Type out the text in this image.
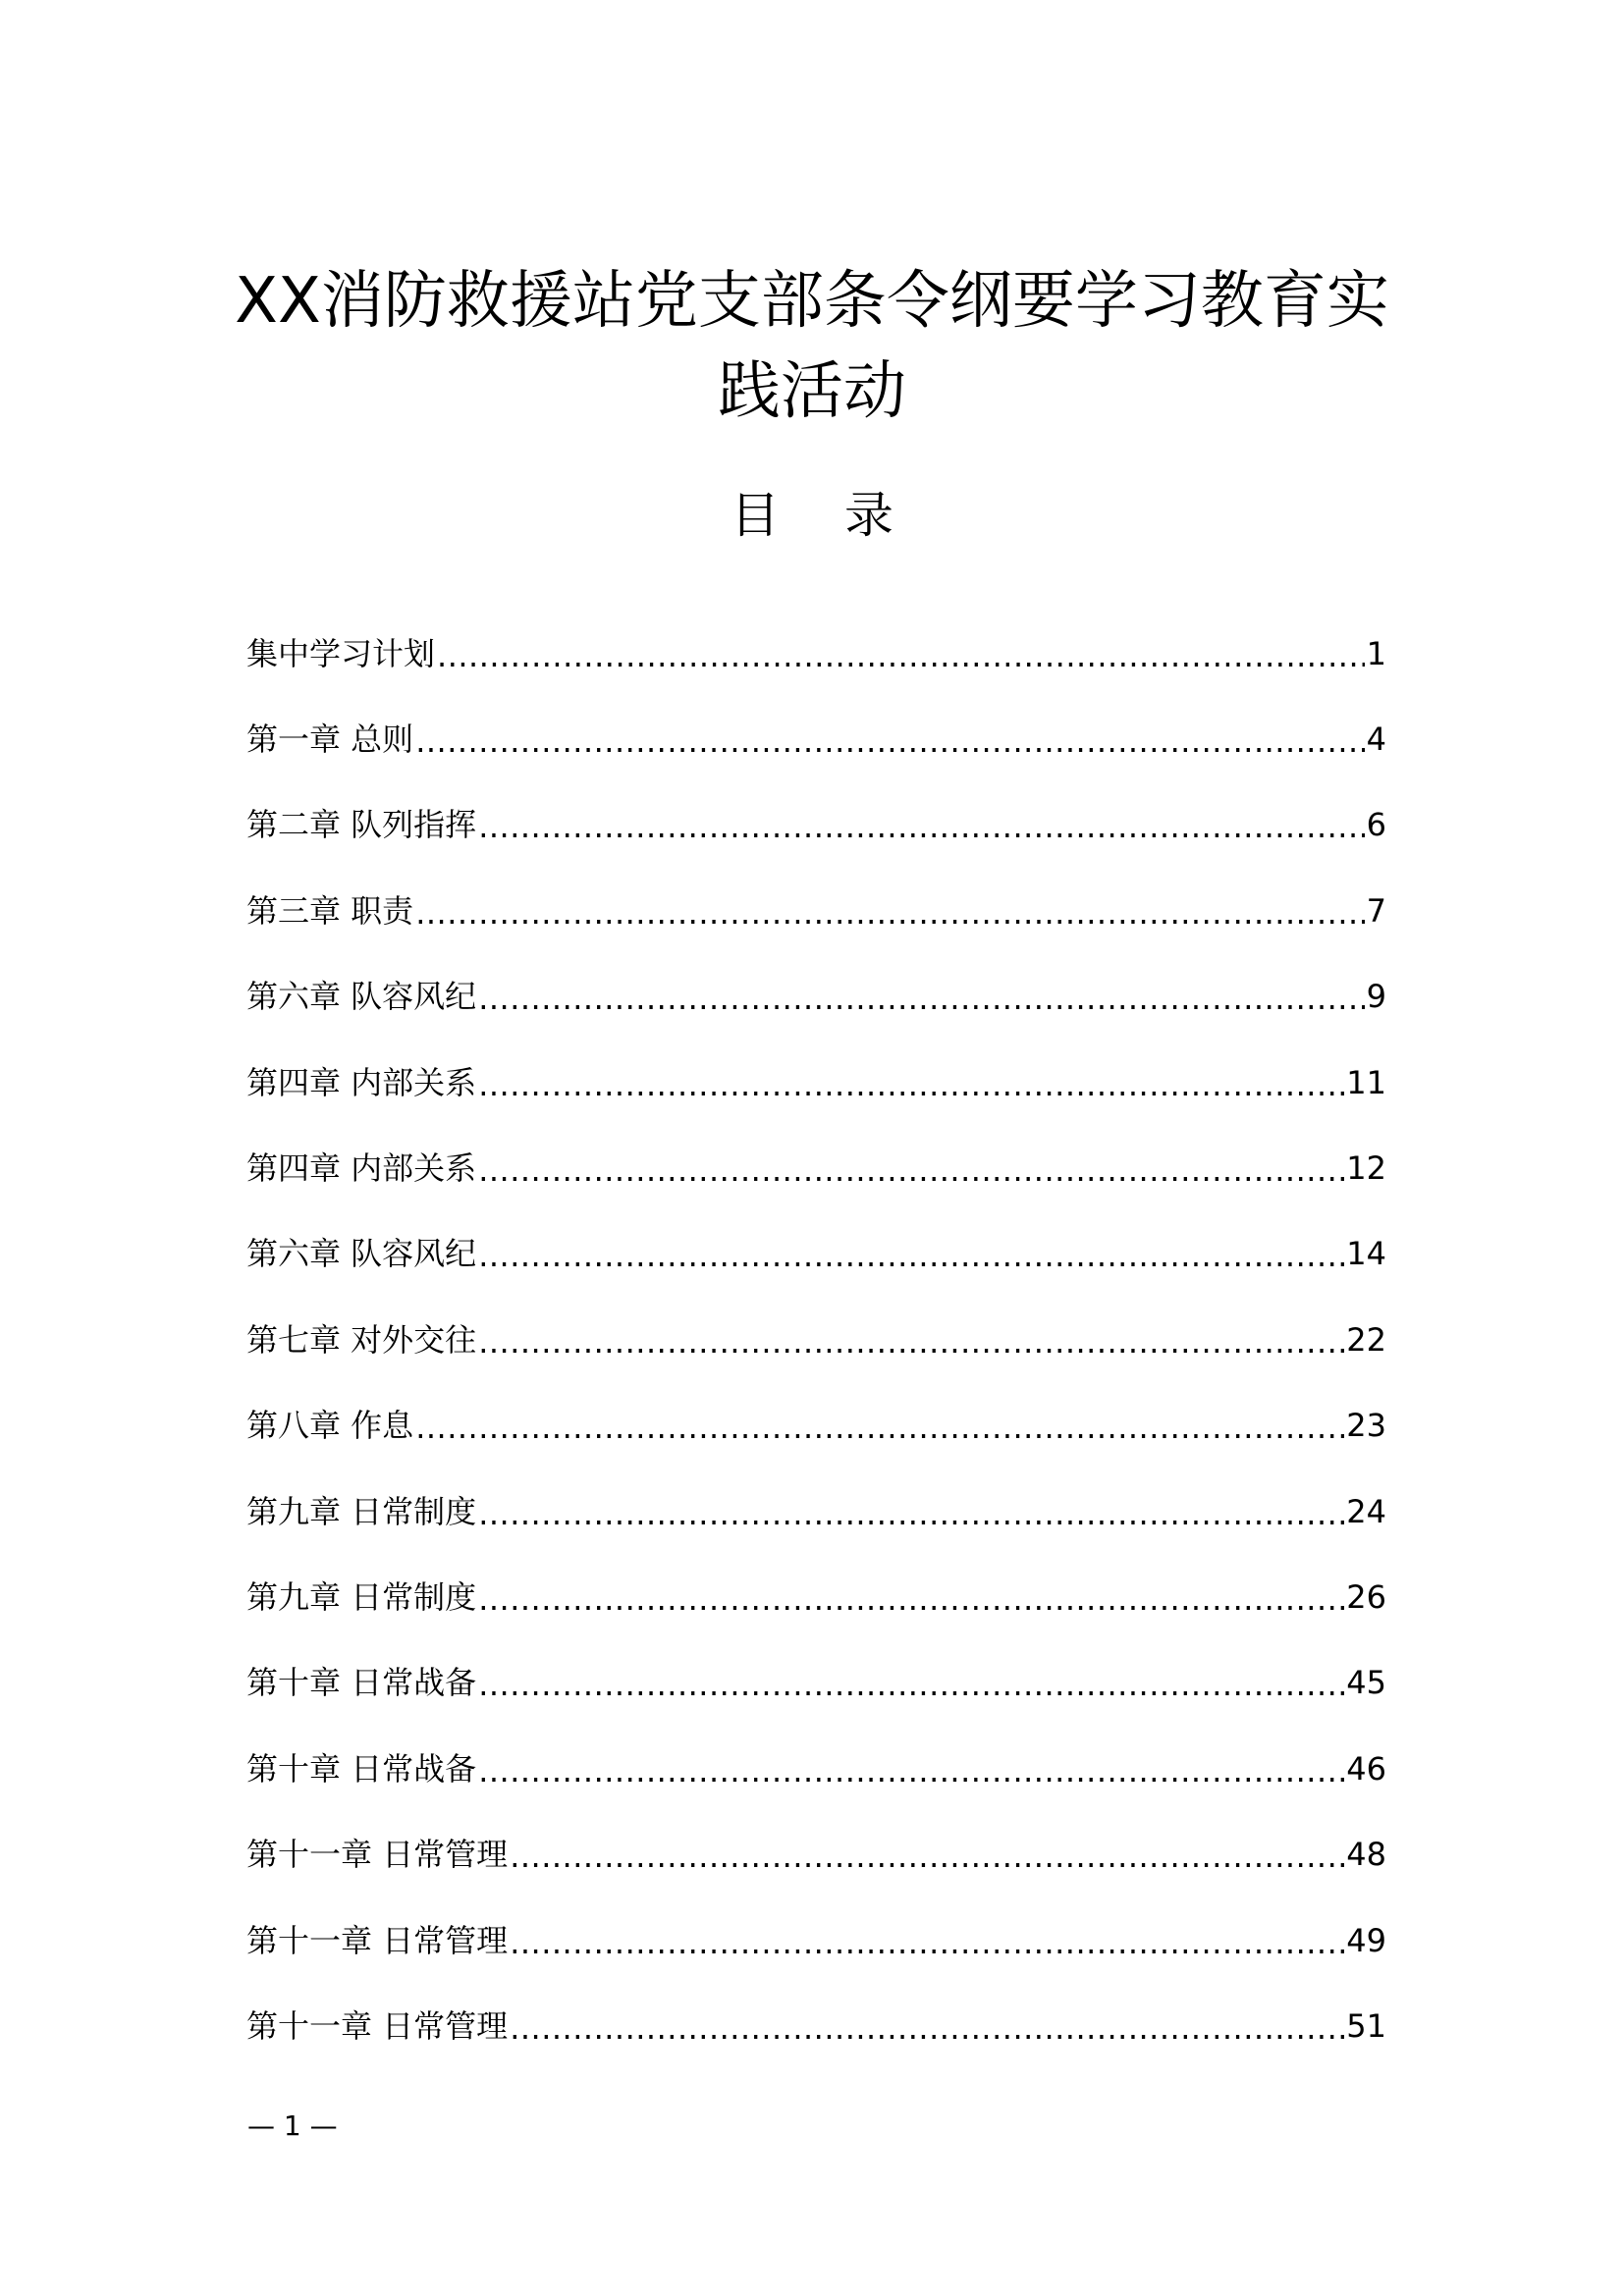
XX消防救援站党支部条令纲要学习教育实践活动
目 录
集中学习计划 .....	1
第一章 总则 .....	4
第二章 队列指挥 .....	6
第三章 职责 .....	7
第六章 队容风纪 .....	9
第四章 内部关系 .....	11
第四章 内部关系 .....	12
第六章 队容风纪 .....	14
第七章 对外交往 .....	22
第八章 作息 .....	23
第九章 日常制度 .....	24
第九章 日常制度 .....	26
第十章 日常战备 .....	45
第十章 日常战备 .....	46
第十一章 日常管理 .....	48
第十一章 日常管理 .....	49
第十一章 日常管理 .....	51
— 1 —
